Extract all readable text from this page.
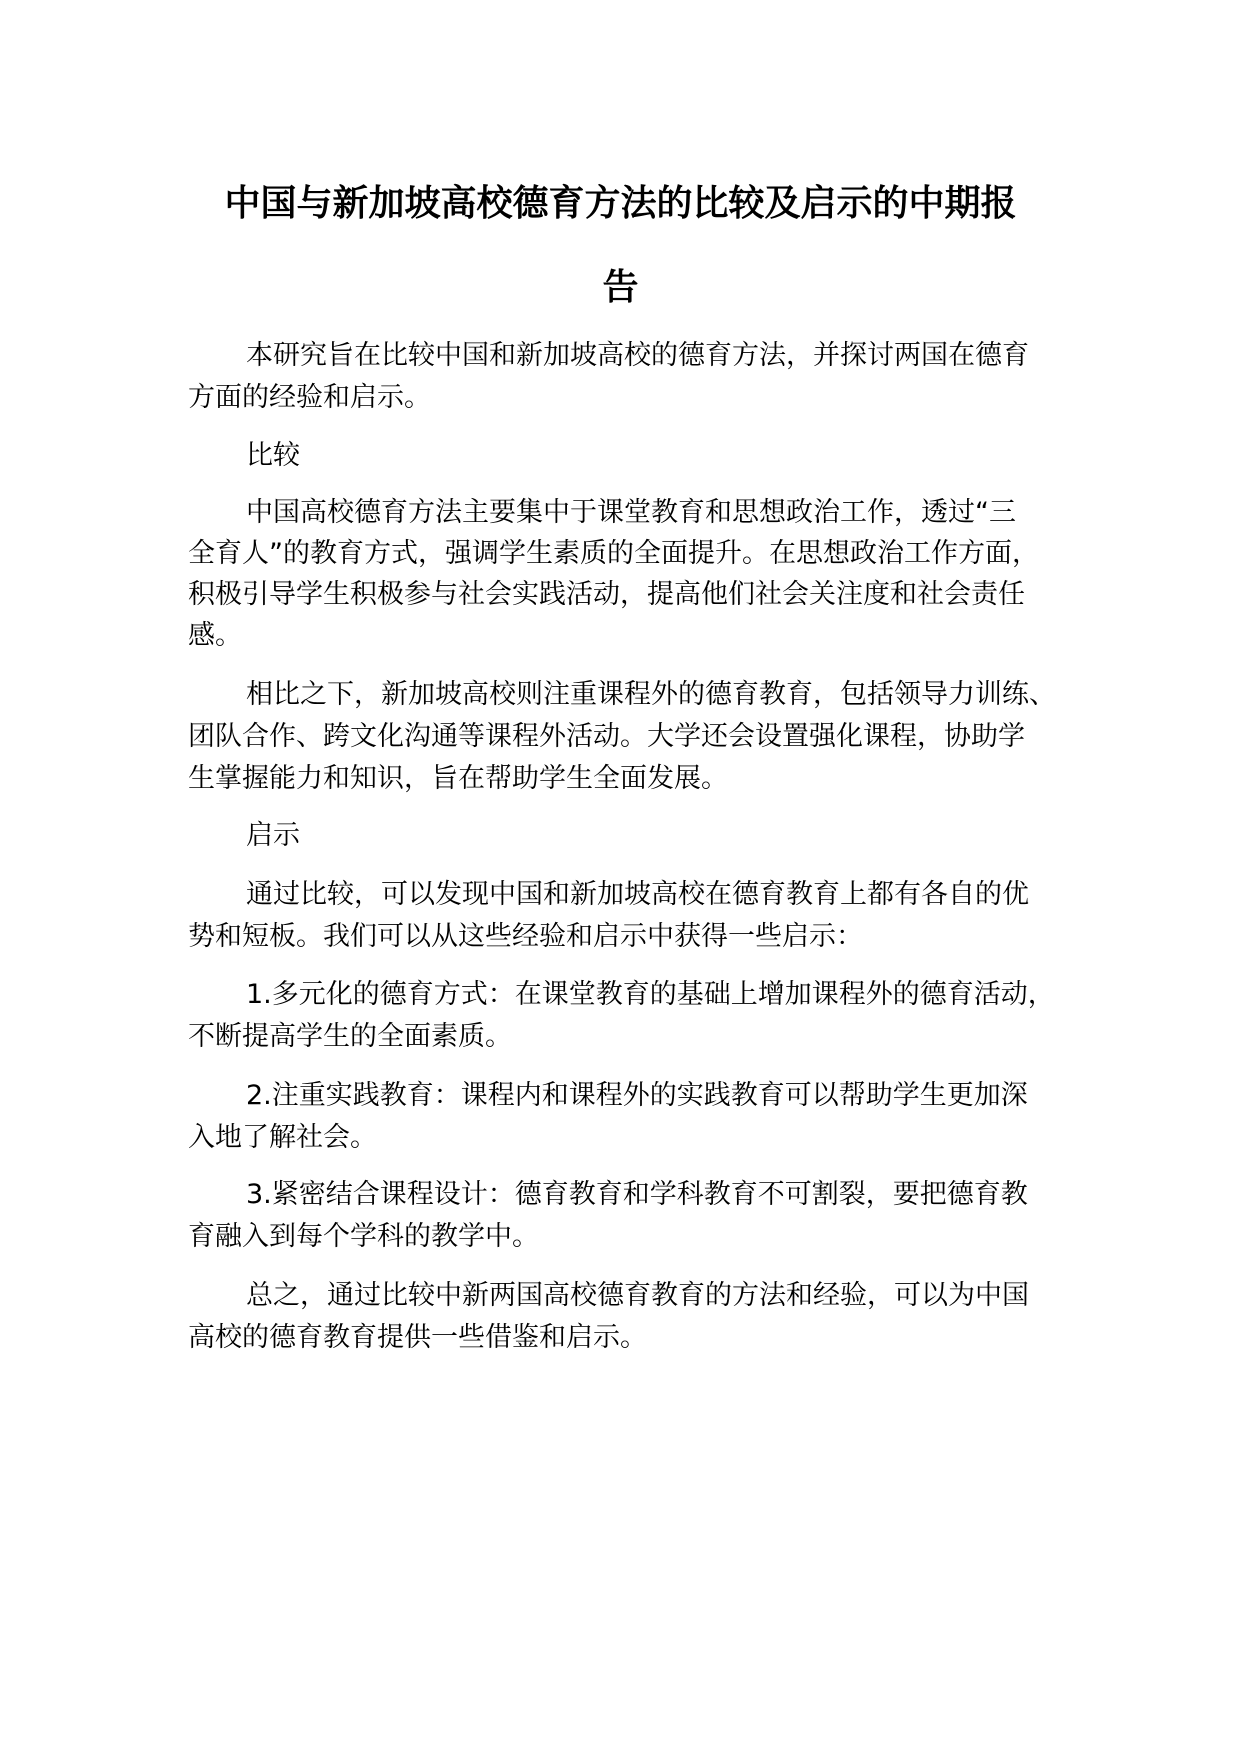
中国与新加坡高校德育方法的比较及启示的中期报
告
本研究旨在比较中国和新加坡高校的德育方法，并探讨两国在德育
方面的经验和启示。
比较
中国高校德育方法主要集中于课堂教育和思想政治工作，透过“三
全育人”的教育方式，强调学生素质的全面提升。在思想政治工作方面，
积极引导学生积极参与社会实践活动，提高他们社会关注度和社会责任
感。
相比之下，新加坡高校则注重课程外的德育教育，包括领导力训练、
团队合作、跨文化沟通等课程外活动。大学还会设置强化课程，协助学
生掌握能力和知识，旨在帮助学生全面发展。
启示
通过比较，可以发现中国和新加坡高校在德育教育上都有各自的优
势和短板。我们可以从这些经验和启示中获得一些启示：
1.多元化的德育方式：在课堂教育的基础上增加课程外的德育活动，
不断提高学生的全面素质。
2.注重实践教育：课程内和课程外的实践教育可以帮助学生更加深
入地了解社会。
3.紧密结合课程设计：德育教育和学科教育不可割裂，要把德育教
育融入到每个学科的教学中。
总之，通过比较中新两国高校德育教育的方法和经验，可以为中国
高校的德育教育提供一些借鉴和启示。
